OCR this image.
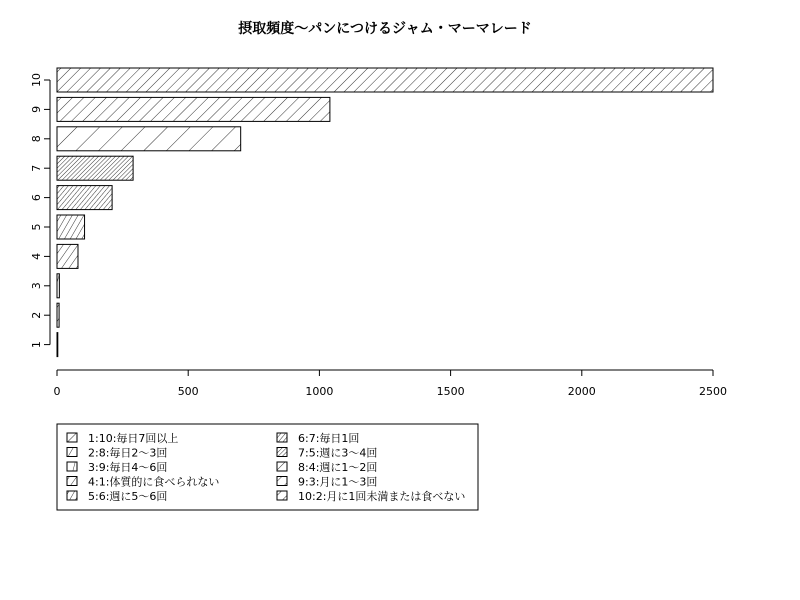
摂取頻度〜パンにつけるジャム・マーマレード
10
9
8
7
6
5
4
3
2
1
0	500	1000	1500	2000	2500
1:10:毎日7回以上
2:8:毎日2〜3回
3:9:毎日4〜6回
4:1:体質的に食べられない
5:6:週に5〜6回
6:7:毎日1回
7:5:週に3〜4回
8:4:週に1〜2回
9:3:月に1〜3回
10:2:月に1回未満または食べない
